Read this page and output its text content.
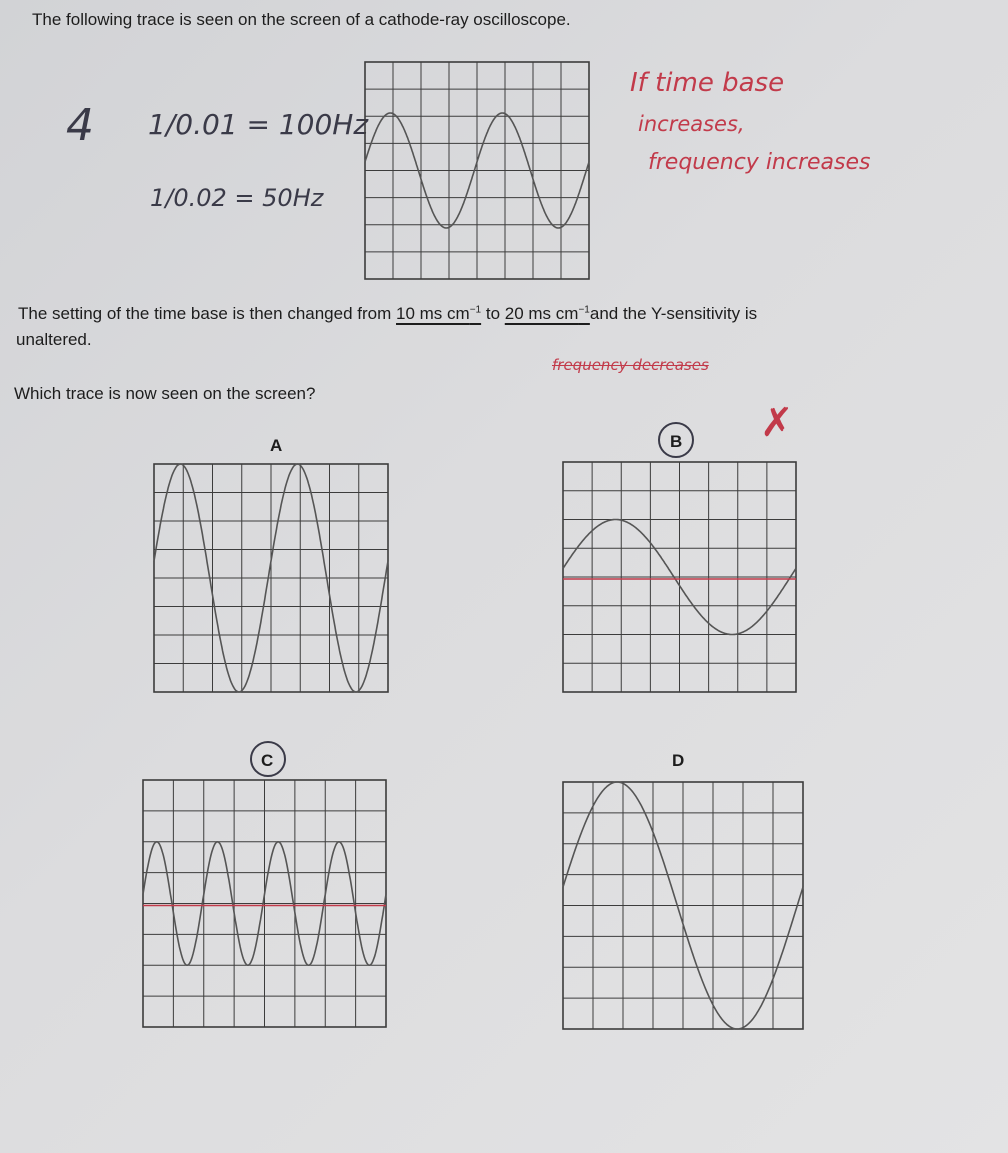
The following trace is seen on the screen of a cathode-ray oscilloscope.
The setting of the time base is then changed from 10 ms $cm^{-1}$ to 20 ms $cm^{-1}and$ the Y-sensitivity is
unaltered.
Which trace is now seen on the screen?
A	B
C	D
4 1/0.01 = 100Hz
1/0.02 = 50Hz
If time base
increases,
frequency increases
frequency decreases
✗
